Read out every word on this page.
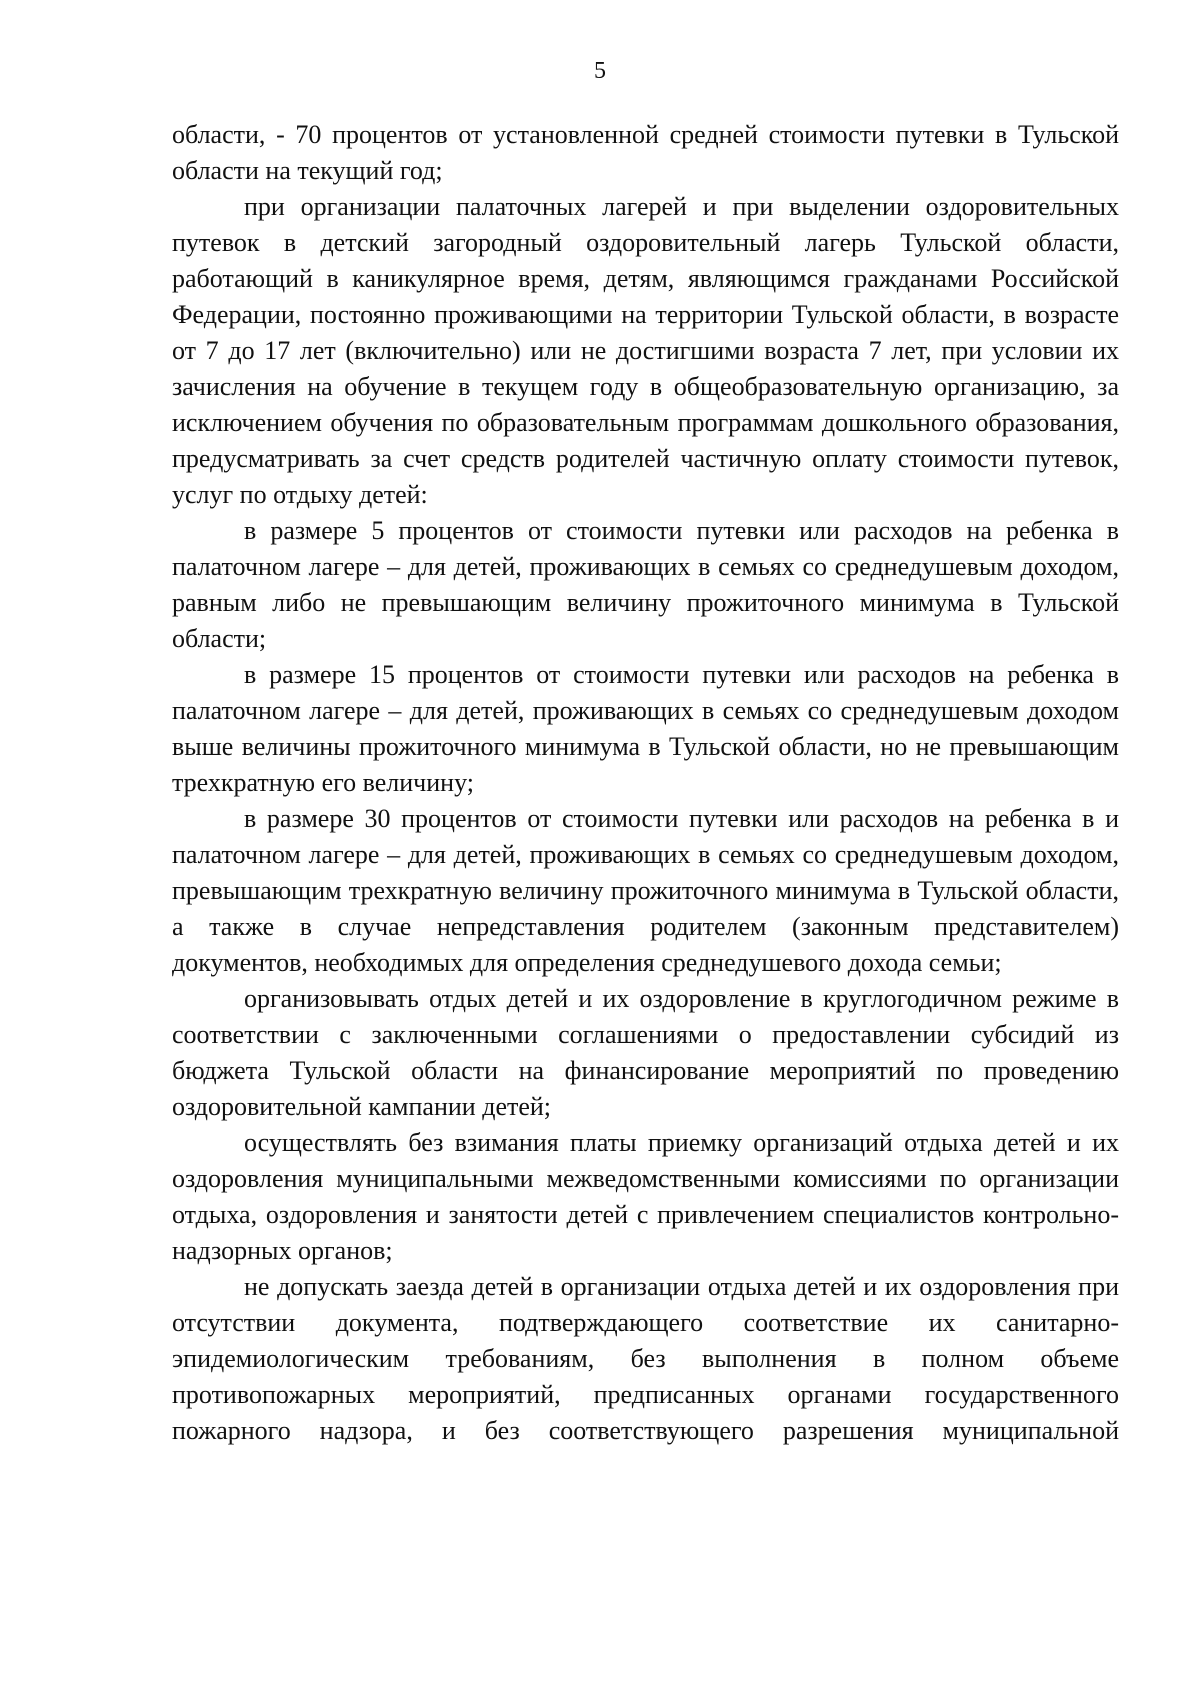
5

области, - 70 процентов от установленной средней стоимости путевки в Тульской области на текущий год;

при организации палаточных лагерей и при выделении оздоровительных путевок в детский загородный оздоровительный лагерь Тульской области, работающий в каникулярное время, детям, являющимся гражданами Российской Федерации, постоянно проживающими на территории Тульской области, в возрасте от 7 до 17 лет (включительно) или не достигшими возраста 7 лет, при условии их зачисления на обучение в текущем году в общеобразовательную организацию, за исключением обучения по образовательным программам дошкольного образования, предусматривать за счет средств родителей частичную оплату стоимости путевок, услуг по отдыху детей:

в размере 5 процентов от стоимости путевки или расходов на ребенка в палаточном лагере – для детей, проживающих в семьях со среднедушевым доходом, равным либо не превышающим величину прожиточного минимума в Тульской области;

в размере 15 процентов от стоимости путевки или расходов на ребенка в палаточном лагере – для детей, проживающих в семьях со среднедушевым доходом выше величины прожиточного минимума в Тульской области, но не превышающим трехкратную его величину;

в размере 30 процентов от стоимости путевки или расходов на ребенка в и палаточном лагере – для детей, проживающих в семьях со среднедушевым доходом, превышающим трехкратную величину прожиточного минимума в Тульской области, а также в случае непредставления родителем (законным представителем) документов, необходимых для определения среднедушевого дохода семьи;

организовывать отдых детей и их оздоровление в круглогодичном режиме в соответствии с заключенными соглашениями о предоставлении субсидий из бюджета Тульской области на финансирование мероприятий по проведению оздоровительной кампании детей;

осуществлять без взимания платы приемку организаций отдыха детей и их оздоровления муниципальными межведомственными комиссиями по организации отдыха, оздоровления и занятости детей с привлечением специалистов контрольно-надзорных органов;

не допускать заезда детей в организации отдыха детей и их оздоровления при отсутствии документа, подтверждающего соответствие их санитарно-эпидемиологическим требованиям, без выполнения в полном объеме противопожарных мероприятий, предписанных органами государственного пожарного надзора, и без соответствующего разрешения муниципальной
